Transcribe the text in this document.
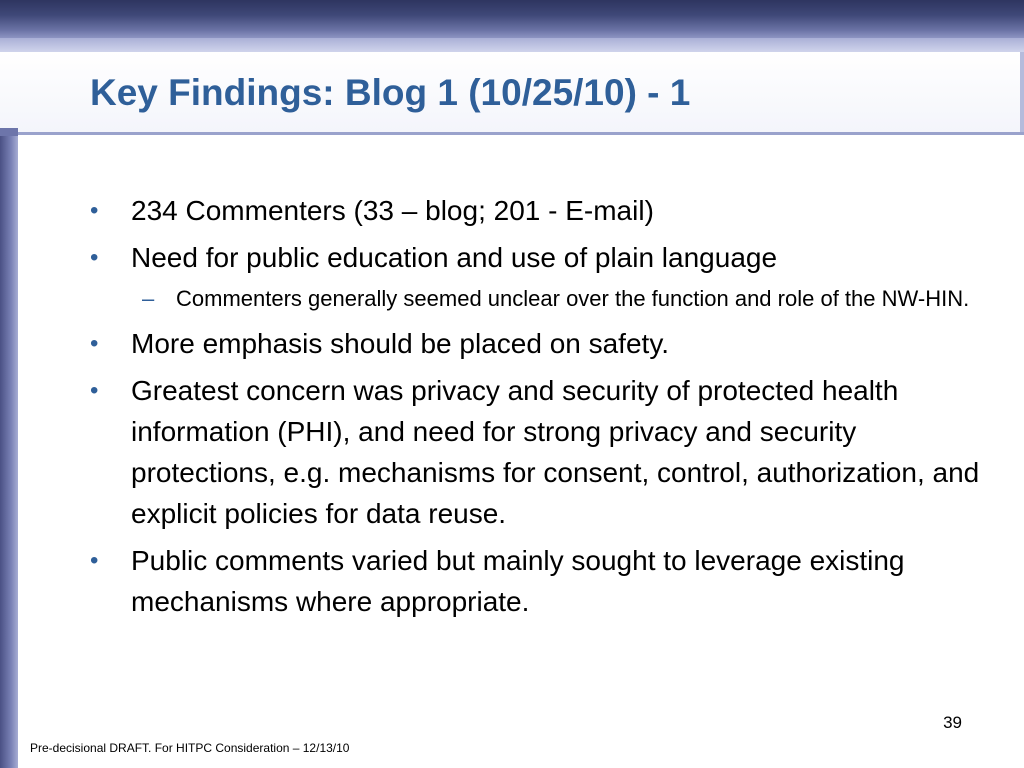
Key Findings: Blog 1 (10/25/10) - 1
•	234 Commenters (33 – blog; 201 - E-mail)
•	Need for public education and use of plain language
– Commenters generally seemed unclear over the function and role of the NW-HIN.
•	More emphasis should be placed on safety.
•	Greatest concern was privacy and security of protected health information (PHI), and need for strong privacy and security protections, e.g. mechanisms for consent, control, authorization, and explicit policies for data reuse.
•	Public comments varied but mainly sought to leverage existing mechanisms where appropriate.
39
Pre-decisional DRAFT. For HITPC Consideration – 12/13/10
